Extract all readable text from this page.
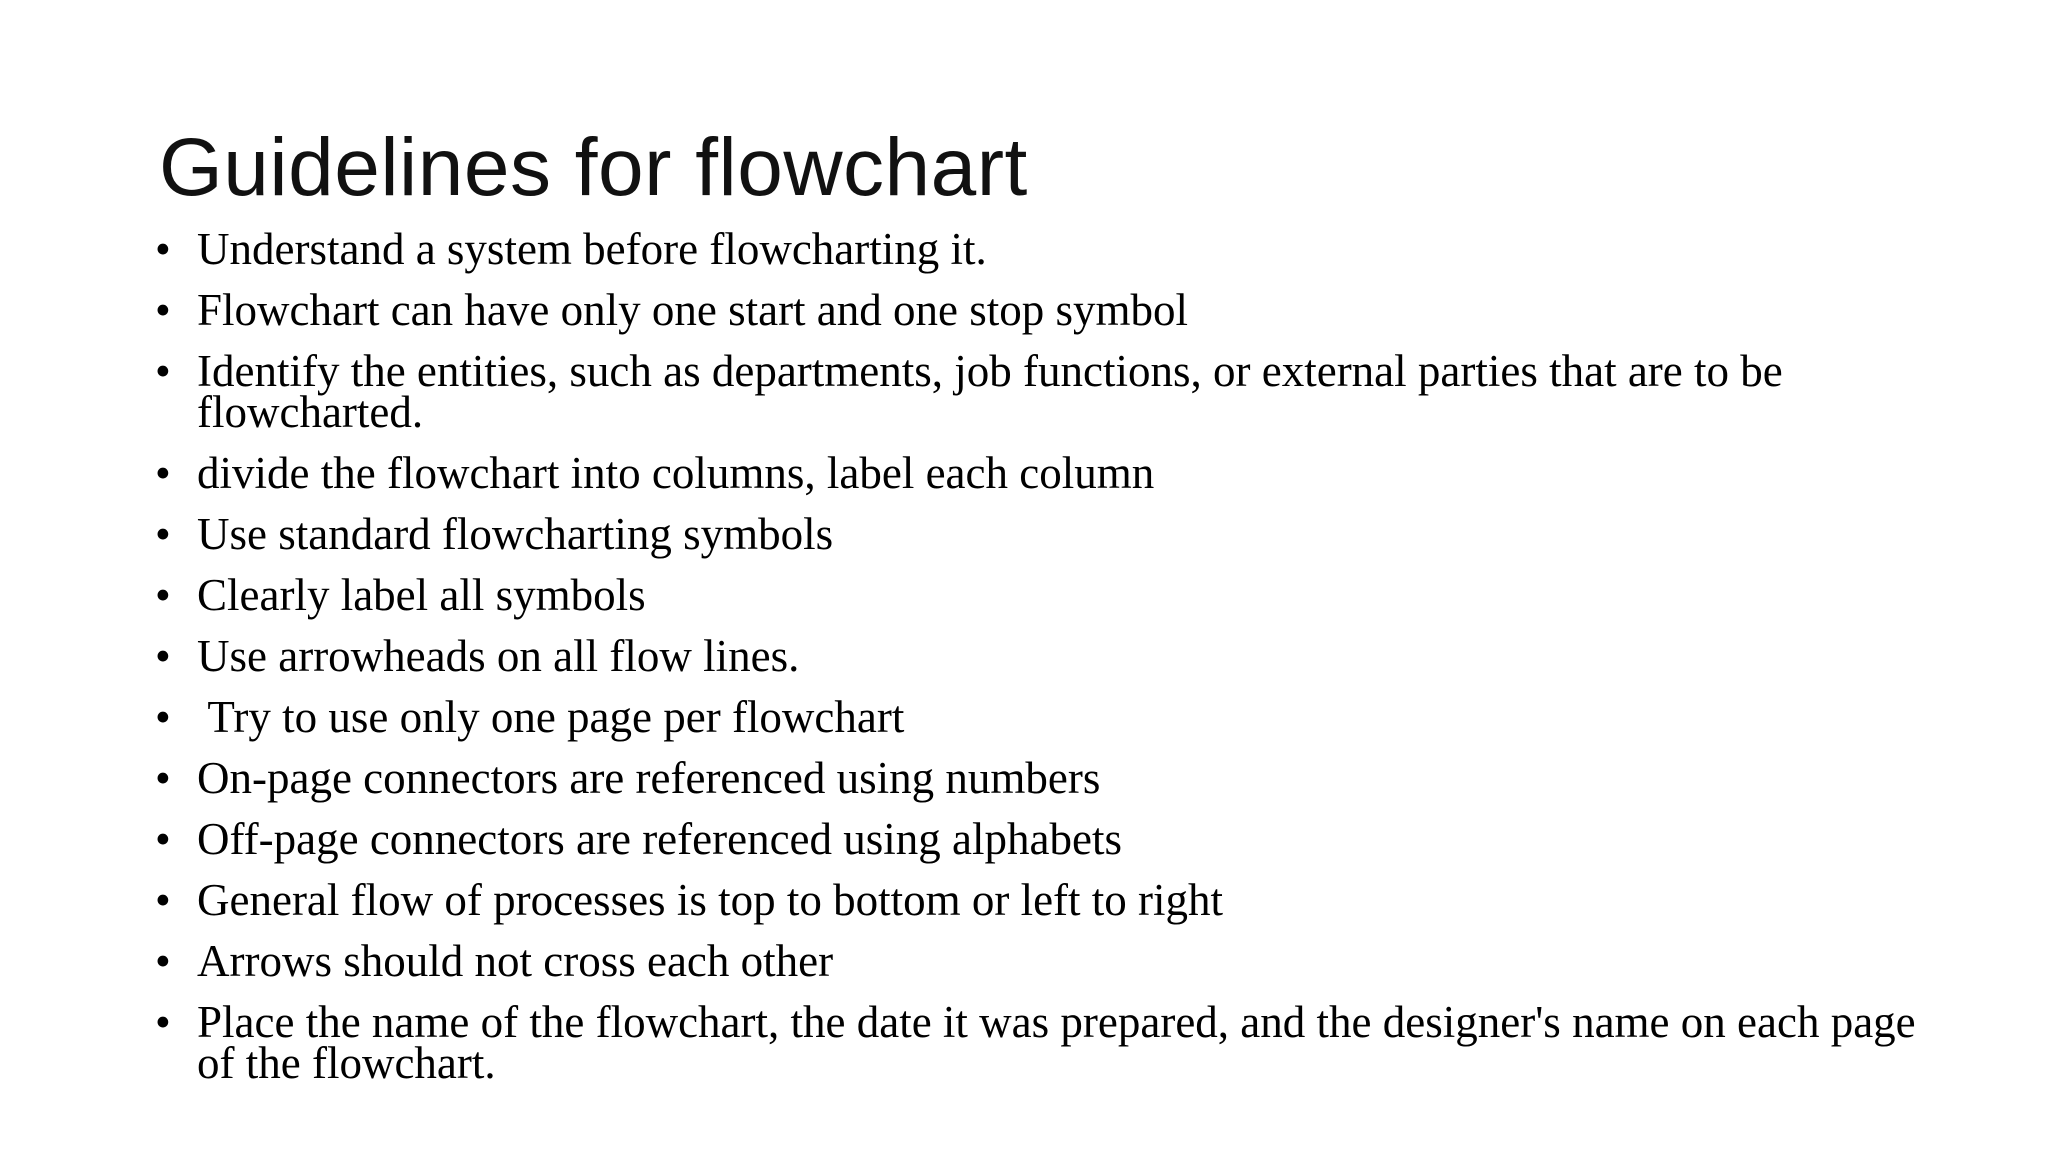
Guidelines for flowchart
• Understand a system before flowcharting it.
• Flowchart can have only one start and one stop symbol
• Identify the entities, such as departments, job functions, or external parties that are to be flowcharted.
• divide the flowchart into columns, label each column
• Use standard flowcharting symbols
• Clearly label all symbols
• Use arrowheads on all flow lines.
• Try to use only one page per flowchart
• On-page connectors are referenced using numbers
• Off-page connectors are referenced using alphabets
• General flow of processes is top to bottom or left to right
• Arrows should not cross each other
• Place the name of the flowchart, the date it was prepared, and the designer's name on each page of the flowchart.
